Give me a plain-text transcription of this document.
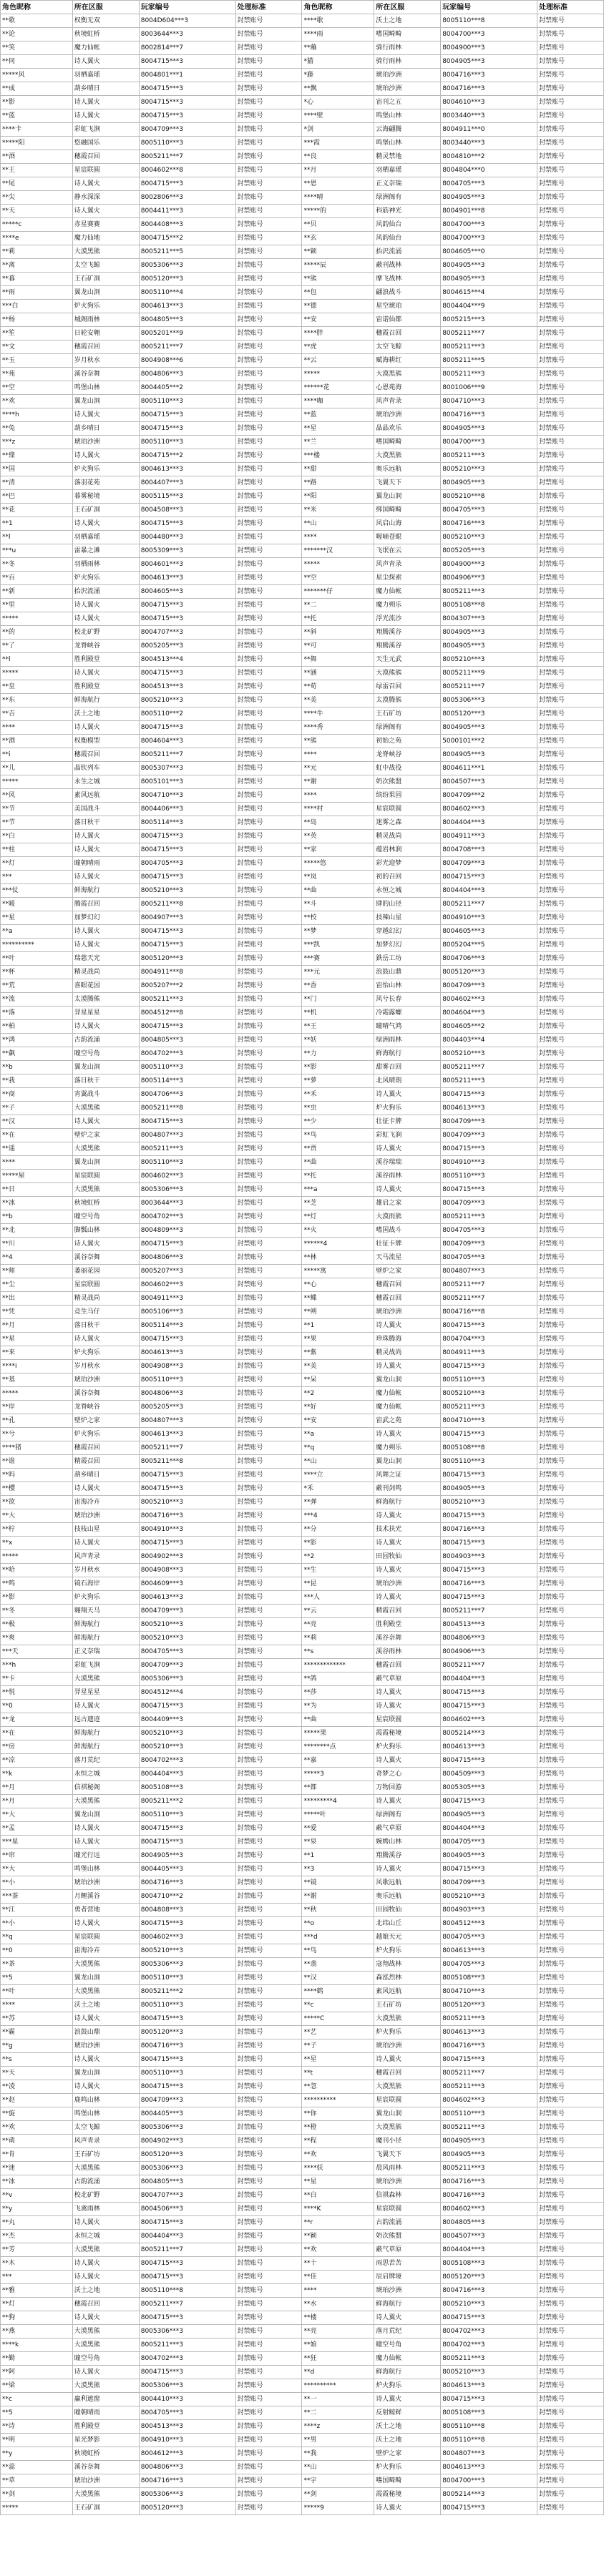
角色昵称	所在区服	玩家编号	处理标准	角色昵称	所在区服	玩家编号	处理标准
**歌	权衡无双	8004D604***3	封禁账号	****歌	沃土之地	8005110***8	封禁账号
**论	秋境虹桥	8003644***3	封禁账号	****雨	嗜国畸畸	8004700***3	封禁账号
**笑	魔力仙帐	8002814***7	封禁账号	**蘸	骑行雨林	8004900***3	封禁账号
**同	诗人翼火	8004715***3	封禁账号	*猫	骑行雨林	8004905***3	封禁账号
*****风	羽栖嘉瑶	8004801***1	封禁账号	*藤	琥珀沙洲	8004716***3	封禁账号
**成	葫乡晴日	8004715***3	封禁账号	**飘	琥珀沙洲	8004716***3	封禁账号
**影	诗人翼火	8004715***3	封禁账号	*心	宙刊之五	8004610***3	封禁账号
**蓝	诗人翼火	8004715***3	封禁账号	****壁	鸣堡山林	8003440***3	封禁账号
****卡	彩虹飞涧	8004709***3	封禁账号	*剑	云海翩腾	8004911***0	封禁账号
*****阳	悠融国乐	8005110***3	封禁账号	***霞	鸣堡山林	8003440***3	封禁账号
**酒	穗霞召回	8005211***7	封禁账号	**良	精灵禁地	8004810***2	封禁账号
**王	星宸联圆	8004602***8	封禁账号	**月	羽栖嘉瑶	8004804***0	封禁账号
**尾	诗人翼火	8004715***3	封禁账号	**恩	正义奈瑞	8004705***3	封禁账号
**尖	静水深深	8002806***3	封禁账号	****晴	绿洲阁有	8004905***3	封禁账号
**天	诗人翼火	8004411***3	封禁账号	*****的	科筋神光	8004901***8	封禁账号
*****c	赤星赛赛	8004408***3	封禁账号	**贝	风韵仙台	8004700***3	封禁账号
****e	魔力仙地	8004715***2	封禁账号	**玄	风韵仙台	8004700***3	封禁账号
**莉	大漠黑熊	8005211***5	封禁账号	**颖	抬沢流涌	8004605***0	封禁账号
**离	太空飞鲸	8005306***3	封禁账号	*****辰	蔽刊战林	8004905***3	封禁账号
**暮	王石矿洞	8005120***3	封禁账号	**熊	摩飞战林	8004905***3	封禁账号
**雨	翼龙山洞	8005110***4	封禁账号	**包	翩浪战斗	8004615***4	封禁账号
***白	炉火狗乐	8004613***3	封禁账号	**德	星空琥珀	8004404***9	封禁账号
**杨	城阁雨林	8004805***3	封禁账号	**安	宙诺仙都	8005215***3	封禁账号
**笙	日轮安翱	8005201***9	封禁账号	****胖	穗霞召回	8005211***7	封禁账号
**文	穗霞召回	8005211***7	封禁账号	**虎	太空飞鲸	8005211***3	封禁账号
**玉	岁月秋水	8004908***6	封禁账号	**云	赋海耕红	8005211***5	封禁账号
**苑	溪谷奈舞	8004806***3	封禁账号	*****	大漠黑熊	8005211***3	封禁账号
**空	鸣堡山林	8004405***2	封禁账号	******花	心恩苑海	8001006***9	封禁账号
**欢	翼龙山洞	8005110***3	封禁账号	****咖	风声青录	8004710***3	封禁账号
****h	诗人翼火	8004715***3	封禁账号	**蓝	琥珀沙洲	8004716***3	封禁账号
**兔	葫乡晴日	8004715***3	封禁账号	**星	晶晶欢乐	8004905***3	封禁账号
***z	琥珀沙洲	8005110***3	封禁账号	**兰	嗜国畸畸	8004700***3	封禁账号
**鼎	诗人翼火	8004715***2	封禁账号	***楼	大漠黑熊	8005211***3	封禁账号
**国	炉火狗乐	8004613***3	封禁账号	**甜	奥乐远航	8005210***3	封禁账号
**清	落羽花苑	8004407***3	封禁账号	**路	飞翼天下	8004905***3	封禁账号
**巴	暮雾秘境	8005115***3	封禁账号	**阳	翼龙山洞	8005210***8	封禁账号
**花	王石矿洞	8004508***3	封禁账号	**米	绑国畸畸	8004705***3	封禁账号
**1	诗人翼火	8004715***3	封禁账号	**山	风启山海	8004716***3	封禁账号
**l	羽栖嘉瑶	8004480***3	封禁账号	****	喔嘀苍眼	8005210***3	封禁账号
***u	雷暴之滩	8005309***3	封禁账号	*******汉	飞氓在云	8005205***3	封禁账号
**冬	羽栖雨林	8004601***3	封禁账号	*****	风声青录	8004900***3	封禁账号
**百	炉火狗乐	8004613***3	封禁账号	**空	星尘探索	8004906***3	封禁账号
**新	抬沢流涌	8004605***3	封禁账号	*******仔	魔力仙帐	8005211***3	封禁账号
**里	诗人翼火	8004715***3	封禁账号	**二	魔力朔乐	8005108***8	封禁账号
*****	诗人翼火	8004715***3	封禁账号	**托	浮光流沙	8004307***3	封禁账号
**的	校北矿野	8004707***3	封禁账号	**斜	翔腾溪谷	8004905***3	封禁账号
**了	龙脊峡谷	8005205***3	封禁账号	**可	翔腾溪谷	8004905***3	封禁账号
**l	胜利殿堂	8004513***4	封禁账号	**舞	天生元武	8005210***3	封禁账号
*****	诗人翼火	8004715***3	封禁账号	**涵	大漠熊熊	8005211***9	封禁账号
**皇	胜利殿堂	8004513***3	封禁账号	**荀	绿雷召回	8005211***7	封禁账号
**东	鲜海航行	8005210***3	封禁账号	**美	太漠腾熊	8005306***3	封禁账号
**吉	沃土之地	8005110***2	封禁账号	****牛	王石矿坊	8005120***3	封禁账号
****	诗人翼火	8004715***3	封禁账号	****秀	绿洲阁有	8004905***3	封禁账号
**酒	权衡模型	8004604***3	封禁账号	**熊	初始之苑	5000101***2	封禁账号
**i	穗霞召回	8005211***7	封禁账号	****	龙脊峡谷	8004905***3	封禁账号
**儿	晶钦列车	8005307***3	封禁账号	**元	虹中战役	8004611***1	封禁账号
*****	永生之城	8005101***3	封禁账号	**谢	奶次熊盟	8004507***3	封禁账号
**风	素风远航	8004710***3	封禁账号	****	缤纷果园	8004709***2	封禁账号
**节	美国战斗	8004406***3	封禁账号	****村	星宸联圆	8004602***3	封禁账号
**节	落日秋干	8005114***3	封禁账号	**岛	迷雾之森	8004404***3	封禁账号
**白	诗人翼火	8004715***3	封禁账号	**英	精灵战尚	8004911***3	封禁账号
**柱	诗人翼火	8004715***3	封禁账号	**家	蕴岩林涧	8004708***3	封禁账号
**灯	瞳朝晴雨	8004705***3	封禁账号	*****悠	彩光迎梦	8004709***3	封禁账号
***	诗人翼火	8004715***3	封禁账号	**岚	初的召回	8004715***3	封禁账号
***仗	鲜海航行	8005210***3	封禁账号	**曲	永恒之城	8004404***3	封禁账号
**暖	腾霞召回	8005211***8	封禁账号	**斗	肆的山径	8005211***7	封禁账号
**星	加梦幻幻	8004907***3	封禁账号	**校	技辣山星	8004910***3	封禁账号
**a	诗人翼火	8004715***3	封禁账号	**梦	穿越幻幻	8004605***3	封禁账号
**********	诗人翼火	8004715***3	封禁账号	***凯	加梦幻幻	8005204***5	封禁账号
**叶	瑞慈天光	8005120***3	封禁账号	***赛	鉄岳工坊	8004706***3	封禁账号
**杯	精灵战尚	8004911***8	封禁账号	***元	浪鼓山鼎	8005120***3	封禁账号
**荒	喜眼花园	8005207***2	封禁账号	**香	宙怡山林	8004709***3	封禁账号
**流	太漠腾熊	8005211***3	封禁账号	**门	风兮长春	8004602***3	封禁账号
**落	羿星星星	8004512***8	封禁账号	**机	冷霜露螺	8004604***3	封禁账号
**柏	诗人翼火	8004715***3	封禁账号	**王	瞳晴气鸿	8004605***2	封禁账号
**鸿	古韵流涌	8004805***3	封禁账号	**妖	绿洲雨林	8004403***4	封禁账号
**飙	瞳空号角	8004702***3	封禁账号	**力	鲜海航行	8005210***3	封禁账号
**b	翼龙山洞	8005110***3	封禁账号	**影	甜雾召回	8005211***7	封禁账号
**我	落日秋干	8005114***3	封禁账号	**萝	北风晴朗	8005211***3	封禁账号
**商	宵翼战斗	8004706***3	封禁账号	**禾	诗人翼火	8004715***3	封禁账号
**子	大漠黑熊	8005211***8	封禁账号	**虫	炉火狗乐	8004613***3	封禁账号
**汉	诗人翼火	8004715***3	封禁账号	**少	壮征卡牌	8004709***3	封禁账号
**在	壁炉之家	8004807***3	封禁账号	**鸟	彩虹飞涧	8004709***3	封禁账号
**遥	大漠黑熊	8005211***3	封禁账号	**贾	诗人翼火	8004715***3	封禁账号
****	翼龙山洞	8005110***3	封禁账号	**曲	溪谷瑞瑞	8004910***3	封禁账号
*****屋	星宸联圆	8004602***3	封禁账号	**托	溪谷雨林	8005110***3	封禁账号
**日	大漠黑熊	8005306***3	封禁账号	***a	诗人翼火	8004715***3	封禁账号
**冰	秋境虹桥	8003644***3	封禁账号	**芝	雄启之家	8004709***3	封禁账号
**b	瞳空号角	8004702***3	封禁账号	**灯	大漠雨熊	8005211***3	封禁账号
**北	脚瓢山林	8004809***3	封禁账号	**火	嗜国战斗	8004705***3	封禁账号
**川	诗人翼火	8004715***3	封禁账号	******4	壮征卡牌	8004709***3	封禁账号
**4	溪谷奈舞	8004806***3	封禁账号	**林	天马流星	8004705***3	封禁账号
**师	萎丽花园	8005207***3	封禁账号	*****寓	壁炉之家	8004807***3	封禁账号
**尘	星宸联圆	8004602***3	封禁账号	**心	穗霞召回	8005211***7	封禁账号
**出	精灵战尚	8004911***3	封禁账号	**蝶	穗霞召回	8005211***7	封禁账号
**凭	竞生马仔	8005106***3	封禁账号	**朔	琥珀沙洲	8004716***8	封禁账号
**月	落日秋干	8005114***3	封禁账号	**1	诗人翼火	8004715***3	封禁账号
**星	诗人翼火	8004715***3	封禁账号	**果	珍珠腾海	8004704***3	封禁账号
**来	炉火狗乐	8004613***3	封禁账号	**紫	精灵战尚	8004911***3	封禁账号
****i	岁月秋水	8004908***3	封禁账号	**美	诗人翼火	8004715***3	封禁账号
**基	琥珀沙洲	8005110***3	封禁账号	**呆	翼龙山洞	8005110***3	封禁账号
*****	溪谷奈舞	8004806***3	封禁账号	**2	魔力仙帐	8005210***3	封禁账号
**岸	龙脊峡谷	8005205***3	封禁账号	**好	魔力仙帐	8005211***3	封禁账号
**孔	壁炉之家	8004807***3	封禁账号	**安	宙武之苑	8004710***3	封禁账号
**兮	炉火狗乐	8004613***3	封禁账号	**a	诗人翼火	8004715***3	封禁账号
****猪	穗霞召回	8005211***7	封禁账号	**q	魔力朔乐	8005108***8	封禁账号
**谁	精霞召回	8005211***8	封禁账号	**山	翼龙山洞	8005110***3	封禁账号
**吗	葫乡晴日	8004715***3	封禁账号	****立	风舞之证	8004715***3	封禁账号
**樱	诗人翼火	8004715***3	封禁账号	*禾	蔽刊剑鸣	8004905***3	封禁账号
**欲	宙海冷卉	8005210***3	封禁账号	**弹	鲜海航行	8005210***3	封禁账号
**大	琥珀沙洲	8004716***3	封禁账号	***4	诗人翼火	8004715***3	封禁账号
**柠	技枝山星	8004910***3	封禁账号	**分	技术扶光	8004716***3	封禁账号
**x	诗人翼火	8004715***3	封禁账号	**影	诗人翼火	8004715***3	封禁账号
*****	风声青录	8004902***3	封禁账号	**2	田园牧仙	8004903***3	封禁账号
**哈	岁月秋水	8004908***3	封禁账号	**生	诗人翼火	8004715***3	封禁账号
**鸣	镜石海岸	8004609***3	封禁账号	**昆	琥珀沙洲	8004716***3	封禁账号
**影	炉火狗乐	8004613***3	封禁账号	***人	诗人翼火	8004715***3	封禁账号
**冬	翱翔天马	8004709***3	封禁账号	**云	精霞召回	8005211***7	封禁账号
**极	鲜海航行	8005210***3	封禁账号	**亮	胜利殿堂	8004513***3	封禁账号
**爽	鲜海航行	8005210***3	封禁账号	**莉	溪谷奈舞	8004806***3	封禁账号
***天	正义奈瑞	8004705***3	封禁账号	**s	溪谷雨林	8004906***3	封禁账号
***h	彩虹飞涧	8004709***3	封禁账号	*************	穗霞召回	8005211***7	封禁账号
**卡	大漠黑熊	8005306***3	封禁账号	**鸽	蔽气草原	8004404***3	封禁账号
**悦	羿星星星	8004512***4	封禁账号	**莎	诗人翼火	8004715***3	封禁账号
**0	诗人翼火	8004715***3	封禁账号	**为	诗人翼火	8004715***3	封禁账号
**龙	远古遗迹	8004409***3	封禁账号	**曲	星宸联圆	8004602***3	封禁账号
**在	鲜海航行	8005210***3	封禁账号	*****果	霞霞秘境	8005214***3	封禁账号
**房	鲜海航行	8005210***3	封禁账号	********点	炉火狗乐	8004613***3	封禁账号
**凉	落月荒纪	8004702***3	封禁账号	**嘉	诗人翼火	8004715***3	封禁账号
**k	永恒之城	8004404***3	封禁账号	*****3	奇梦之心	8004509***3	封禁账号
**月	信祺秘阁	8005108***3	封禁账号	**都	万物回游	8005305***3	封禁账号
**月	大漠黑熊	8005211***2	封禁账号	*********4	诗人翼火	8004715***3	封禁账号
**大	翼龙山洞	8005110***3	封禁账号	*****叶	绿洲阁有	8004905***3	封禁账号
**孟	诗人翼火	8004715***3	封禁账号	**爱	蔽气草原	8004404***3	封禁账号
***星	诗人翼火	8004715***3	封禁账号	**泉	婉娉山林	8004705***3	封禁账号
**帘	瞳光行远	8004905***3	封禁账号	**1	翔腾溪谷	8004905***3	封禁账号
**大	鸣堡山林	8004405***3	封禁账号	**3	诗人翼火	8004715***3	封禁账号
**小	琥珀沙洲	8004716***3	封禁账号	**镜	风歌远航	8004709***3	封禁账号
***茶	月鲤溪谷	8004710***2	封禁账号	**谢	奥乐远航	8005210***3	封禁账号
**江	勇者营地	8004808***3	封禁账号	**秋	田园牧仙	8004903***3	封禁账号
**小	诗人翼火	8004715***3	封禁账号	**o	北纬山丘	8004512***3	封禁账号
**q	星宸联圆	8004602***3	封禁账号	***d	越娘天元	8004705***3	封禁账号
**0	宙海冷卉	8005210***3	封禁账号	**鸟	炉火狗乐	8004613***3	封禁账号
**茶	大漠黑熊	8005306***3	封禁账号	**翡	寇翔战林	8004705***3	封禁账号
**5	翼龙山洞	8005110***3	封禁账号	**汉	森泓烈林	8005108***3	封禁账号
**叶	大漠黑熊	8005211***2	封禁账号	****鹤	素风远航	8004710***3	封禁账号
****	沃土之地	8005110***3	封禁账号	**c	王石矿坊	8005120***3	封禁账号
**苏	诗人翼火	8004715***3	封禁账号	*****C	大漠黑熊	8005211***3	封禁账号
**霸	浪鼓山鼎	8005120***3	封禁账号	**艺	炉火狗乐	8004613***3	封禁账号
**g	琥珀沙洲	8004716***3	封禁账号	**子	琥珀沙洲	8004716***3	封禁账号
**s	诗人翼火	8004715***3	封禁账号	**星	诗人翼火	8004715***3	封禁账号
**天	翼龙山洞	8005110***3	封禁账号	**t	穗霞召回	8005211***7	封禁账号
**凌	诗人翼火	8004715***3	封禁账号	**忽	大漠黑熊	8005211***3	封禁账号
**赵	鹿鸣山林	8004709***3	封禁账号	**********	星宸联圆	8004602***3	封禁账号
**旋	鸣堡山林	8004405***3	封禁账号	**你	翼龙山洞	8005110***3	封禁账号
**欢	太空飞鲸	8005306***3	封禁账号	**橙	大漠黑熊	8005211***3	封禁账号
**萌	风声青录	8004902***3	封禁账号	**程	魔刊小径	8004905***3	封禁账号
**肯	王石矿坊	8005120***3	封禁账号	**欢	飞翼天下	8004905***3	封禁账号
**迷	大漠黑熊	8005306***3	封禁账号	****妖	晨风雨林	8005211***3	封禁账号
**冰	古韵流涌	8004805***3	封禁账号	**星	琥珀沙洲	8004716***3	封禁账号
**v	校北矿野	8004707***3	封禁账号	**白	信祺森林	8004716***3	封禁账号
**y	飞禽雨林	8004506***3	封禁账号	****K	星宸联圆	8004602***3	封禁账号
**丸	诗人翼火	8004715***3	封禁账号	**r	古韵流涌	8004805***3	封禁账号
**杰	永恒之城	8004404***3	封禁账号	**颖	奶次熊盟	8004507***3	封禁账号
**芳	大漠黑熊	8005211***7	封禁账号	**欢	蔽气草原	8004404***3	封禁账号
**木	诗人翼火	8004715***3	封禁账号	**十	雨思苦苦	8005108***3	封禁账号
***	诗人翼火	8004715***3	封禁账号	**佳	辰启牌境	8005120***3	封禁账号
**雅	沃土之地	8005110***8	封禁账号	****	琥珀沙洲	8004716***3	封禁账号
**灯	穗霞召回	8005211***7	封禁账号	**水	鲜海航行	8005210***3	封禁账号
**狗	诗人翼火	8004715***3	封禁账号	**楼	诗人翼火	8004715***3	封禁账号
**燕	大漠黑熊	8005306***3	封禁账号	**亮	落月荒纪	8004702***3	封禁账号
****k	大漠黑熊	8005211***3	封禁账号	**娘	瞳空号角	8004702***3	封禁账号
**勤	瞳空号角	8004702***3	封禁账号	**狂	魔力仙帐	8005211***3	封禁账号
**阿	诗人翼火	8004715***3	封禁账号	**d	鲜海航行	8005210***3	封禁账号
**梁	大漠黑熊	8005306***3	封禁账号	**********	炉火狗乐	8004613***3	封禁账号
**c	赢利遮窗	8004410***3	封禁账号	**一	诗人翼火	8004715***3	封禁账号
**5	瞳朝晴雨	8004705***3	封禁账号	**二	反射鲸鲜	8005108***3	封禁账号
**诗	胜利殿堂	8004513***3	封禁账号	****z	沃土之地	8005110***8	封禁账号
**明	星光梦影	8004910***3	封禁账号	**男	沃土之地	8005110***8	封禁账号
**y	秋境虹桥	8004612***3	封禁账号	**我	壁炉之家	8004807***3	封禁账号
**蕊	溪谷奈舞	8004806***3	封禁账号	**山	炉火狗乐	8004613***3	封禁账号
**草	琥珀沙洲	8004716***3	封禁账号	**宇	嗜国畸畸	8004700***3	封禁账号
**剑	大漠黑熊	8005306***3	封禁账号	**剑	霞霞秘境	8005214***3	封禁账号
*****	王石矿洞	8005120***3	封禁账号	*****9	诗人翼火	8004715***3	封禁账号
